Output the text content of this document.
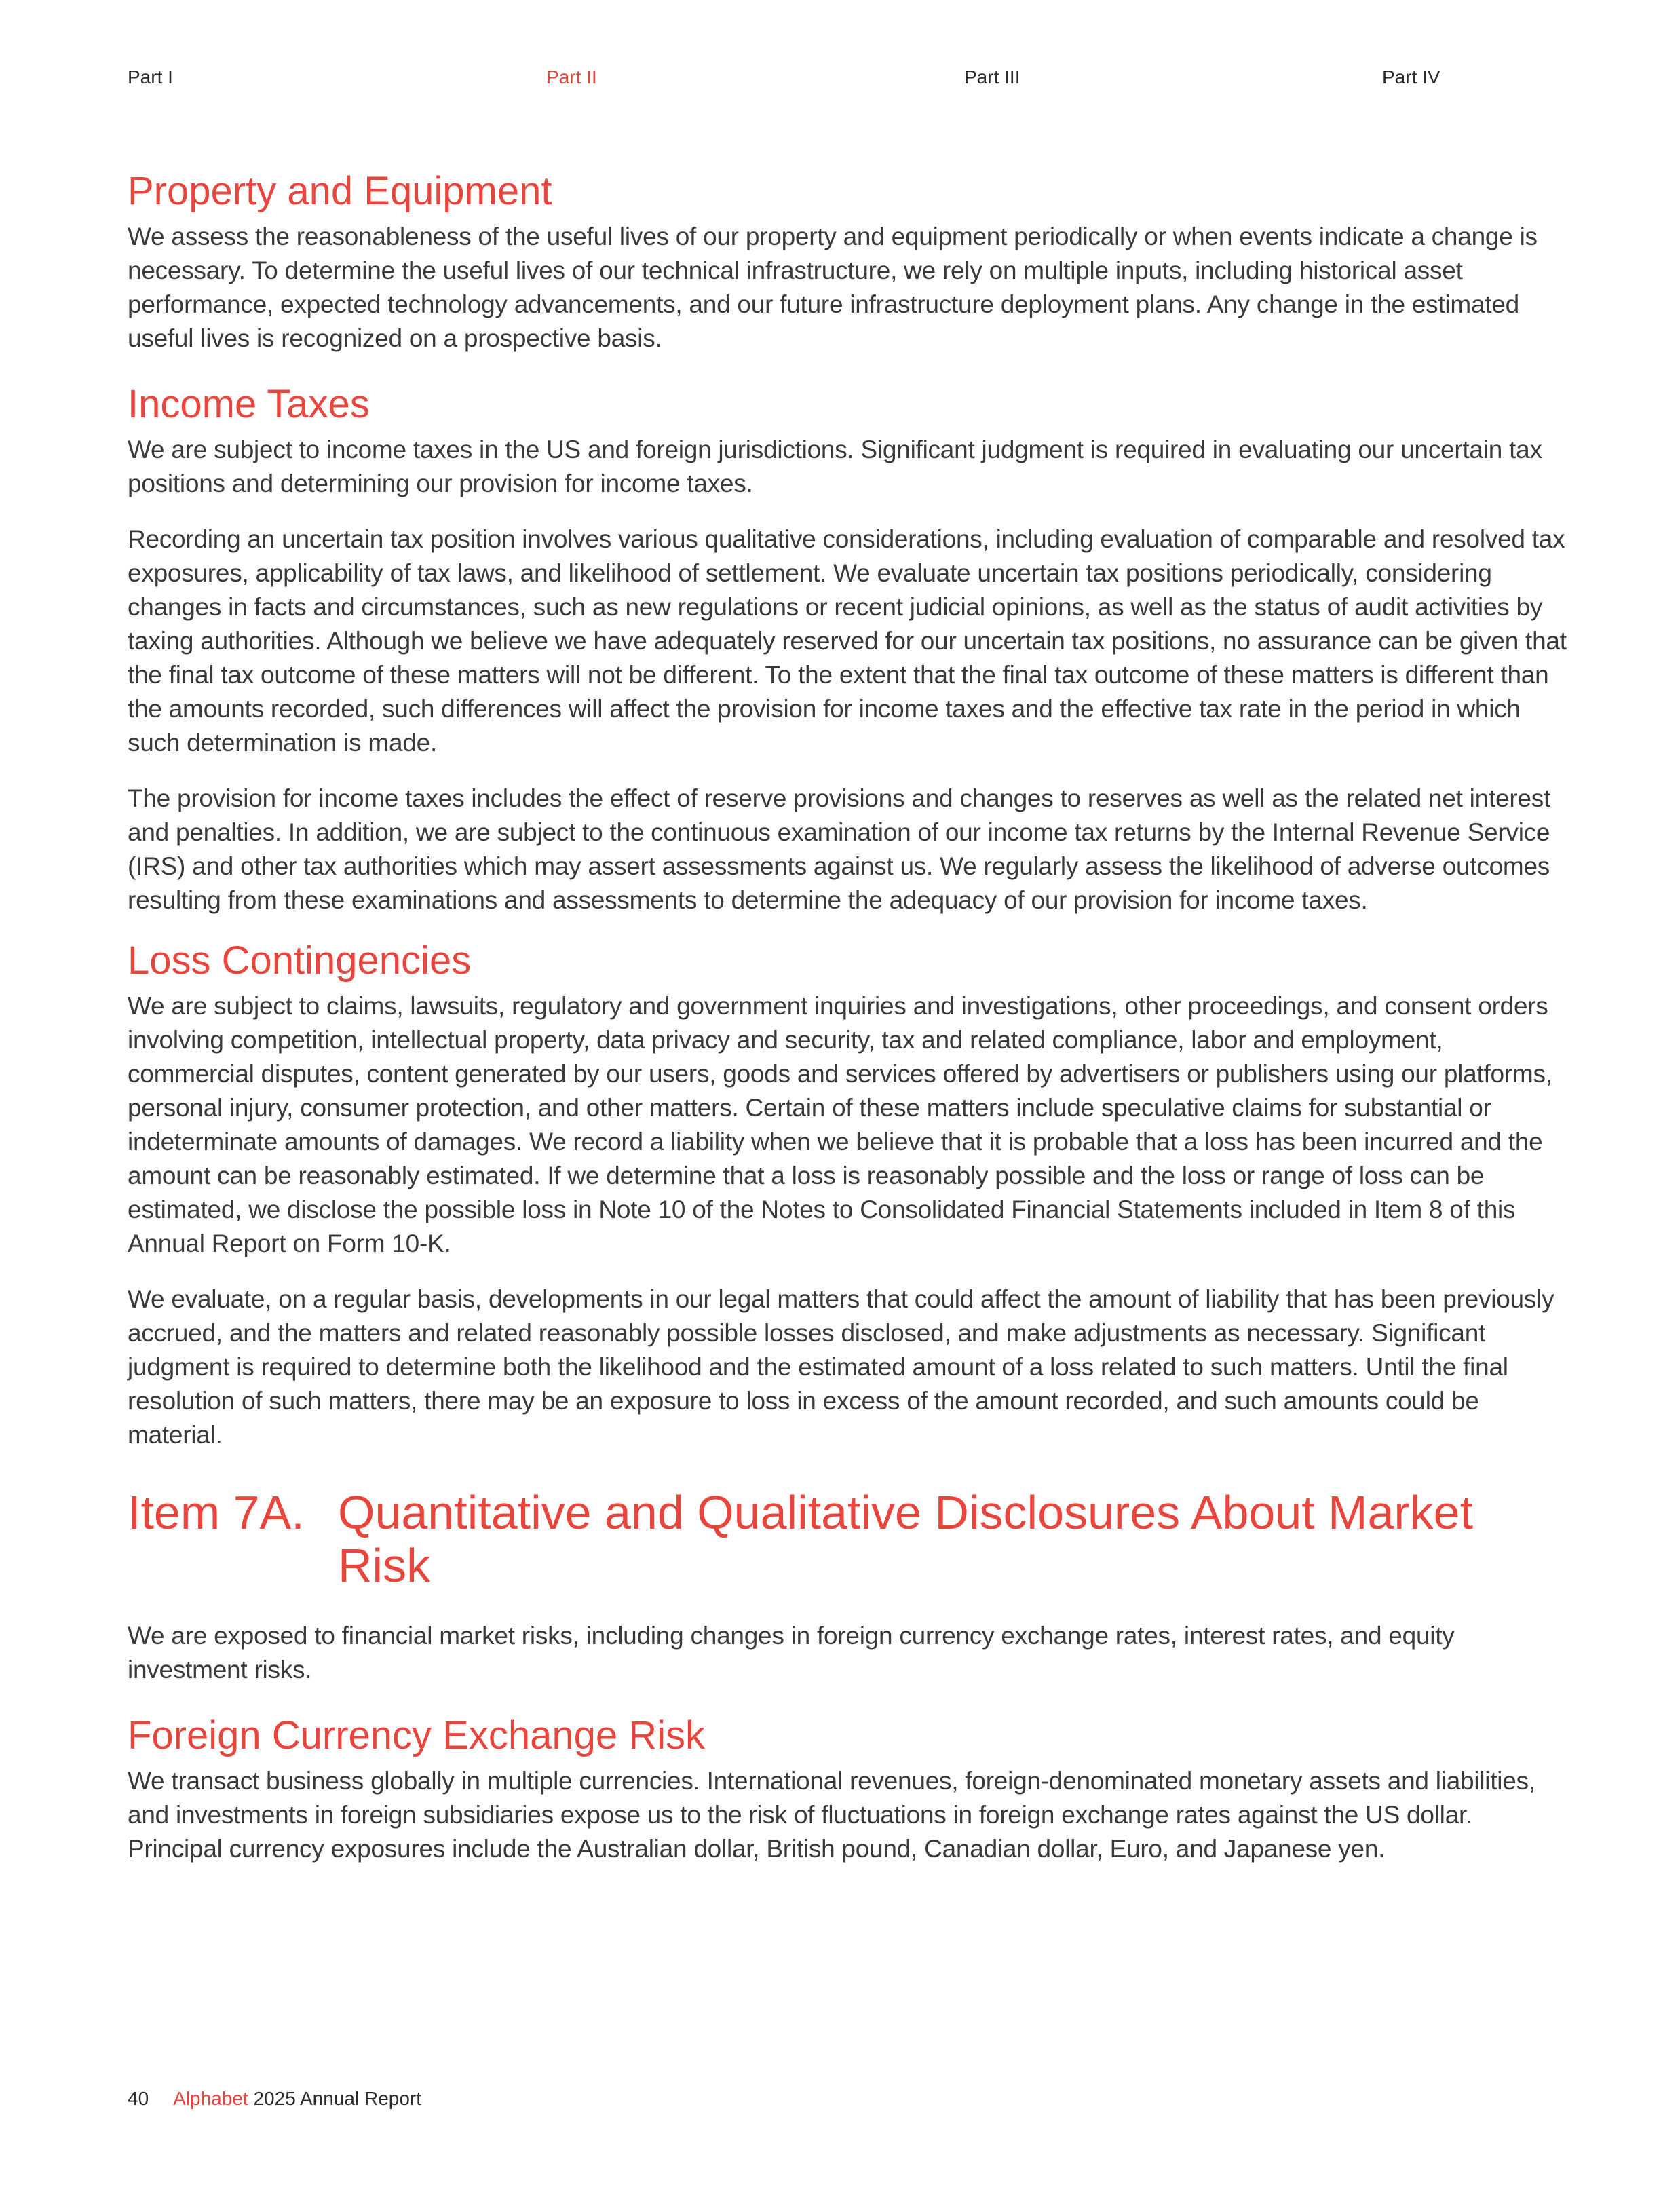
Part I	Part II	Part III	Part IV
Property and Equipment

We assess the reasonableness of the useful lives of our property and equipment periodically or when events indicate a change is necessary. To determine the useful lives of our technical infrastructure, we rely on multiple inputs, including historical asset performance, expected technology advancements, and our future infrastructure deployment plans. Any change in the estimated useful lives is recognized on a prospective basis.

Income Taxes

We are subject to income taxes in the US and foreign jurisdictions. Significant judgment is required in evaluating our uncertain tax positions and determining our provision for income taxes.

Recording an uncertain tax position involves various qualitative considerations, including evaluation of comparable and resolved tax exposures, applicability of tax laws, and likelihood of settlement. We evaluate uncertain tax positions periodically, considering changes in facts and circumstances, such as new regulations or recent judicial opinions, as well as the status of audit activities by taxing authorities. Although we believe we have adequately reserved for our uncertain tax positions, no assurance can be given that the final tax outcome of these matters will not be different. To the extent that the final tax outcome of these matters is different than the amounts recorded, such differences will affect the provision for income taxes and the effective tax rate in the period in which such determination is made.

The provision for income taxes includes the effect of reserve provisions and changes to reserves as well as the related net interest and penalties. In addition, we are subject to the continuous examination of our income tax returns by the Internal Revenue Service (IRS) and other tax authorities which may assert assessments against us. We regularly assess the likelihood of adverse outcomes resulting from these examinations and assessments to determine the adequacy of our provision for income taxes.

Loss Contingencies

We are subject to claims, lawsuits, regulatory and government inquiries and investigations, other proceedings, and consent orders involving competition, intellectual property, data privacy and security, tax and related compliance, labor and employment, commercial disputes, content generated by our users, goods and services offered by advertisers or publishers using our platforms, personal injury, consumer protection, and other matters. Certain of these matters include speculative claims for substantial or indeterminate amounts of damages. We record a liability when we believe that it is probable that a loss has been incurred and the amount can be reasonably estimated. If we determine that a loss is reasonably possible and the loss or range of loss can be estimated, we disclose the possible loss in Note 10 of the Notes to Consolidated Financial Statements included in Item 8 of this Annual Report on Form 10-K.

We evaluate, on a regular basis, developments in our legal matters that could affect the amount of liability that has been previously accrued, and the matters and related reasonably possible losses disclosed, and make adjustments as necessary. Significant judgment is required to determine both the likelihood and the estimated amount of a loss related to such matters. Until the final resolution of such matters, there may be an exposure to loss in excess of the amount recorded, and such amounts could be material.

Item 7A. Quantitative and Qualitative Disclosures About Market Risk

We are exposed to financial market risks, including changes in foreign currency exchange rates, interest rates, and equity investment risks.

Foreign Currency Exchange Risk

We transact business globally in multiple currencies. International revenues, foreign-denominated monetary assets and liabilities, and investments in foreign subsidiaries expose us to the risk of fluctuations in foreign exchange rates against the US dollar. Principal currency exposures include the Australian dollar, British pound, Canadian dollar, Euro, and Japanese yen.

40 Alphabet 2025 Annual Report
